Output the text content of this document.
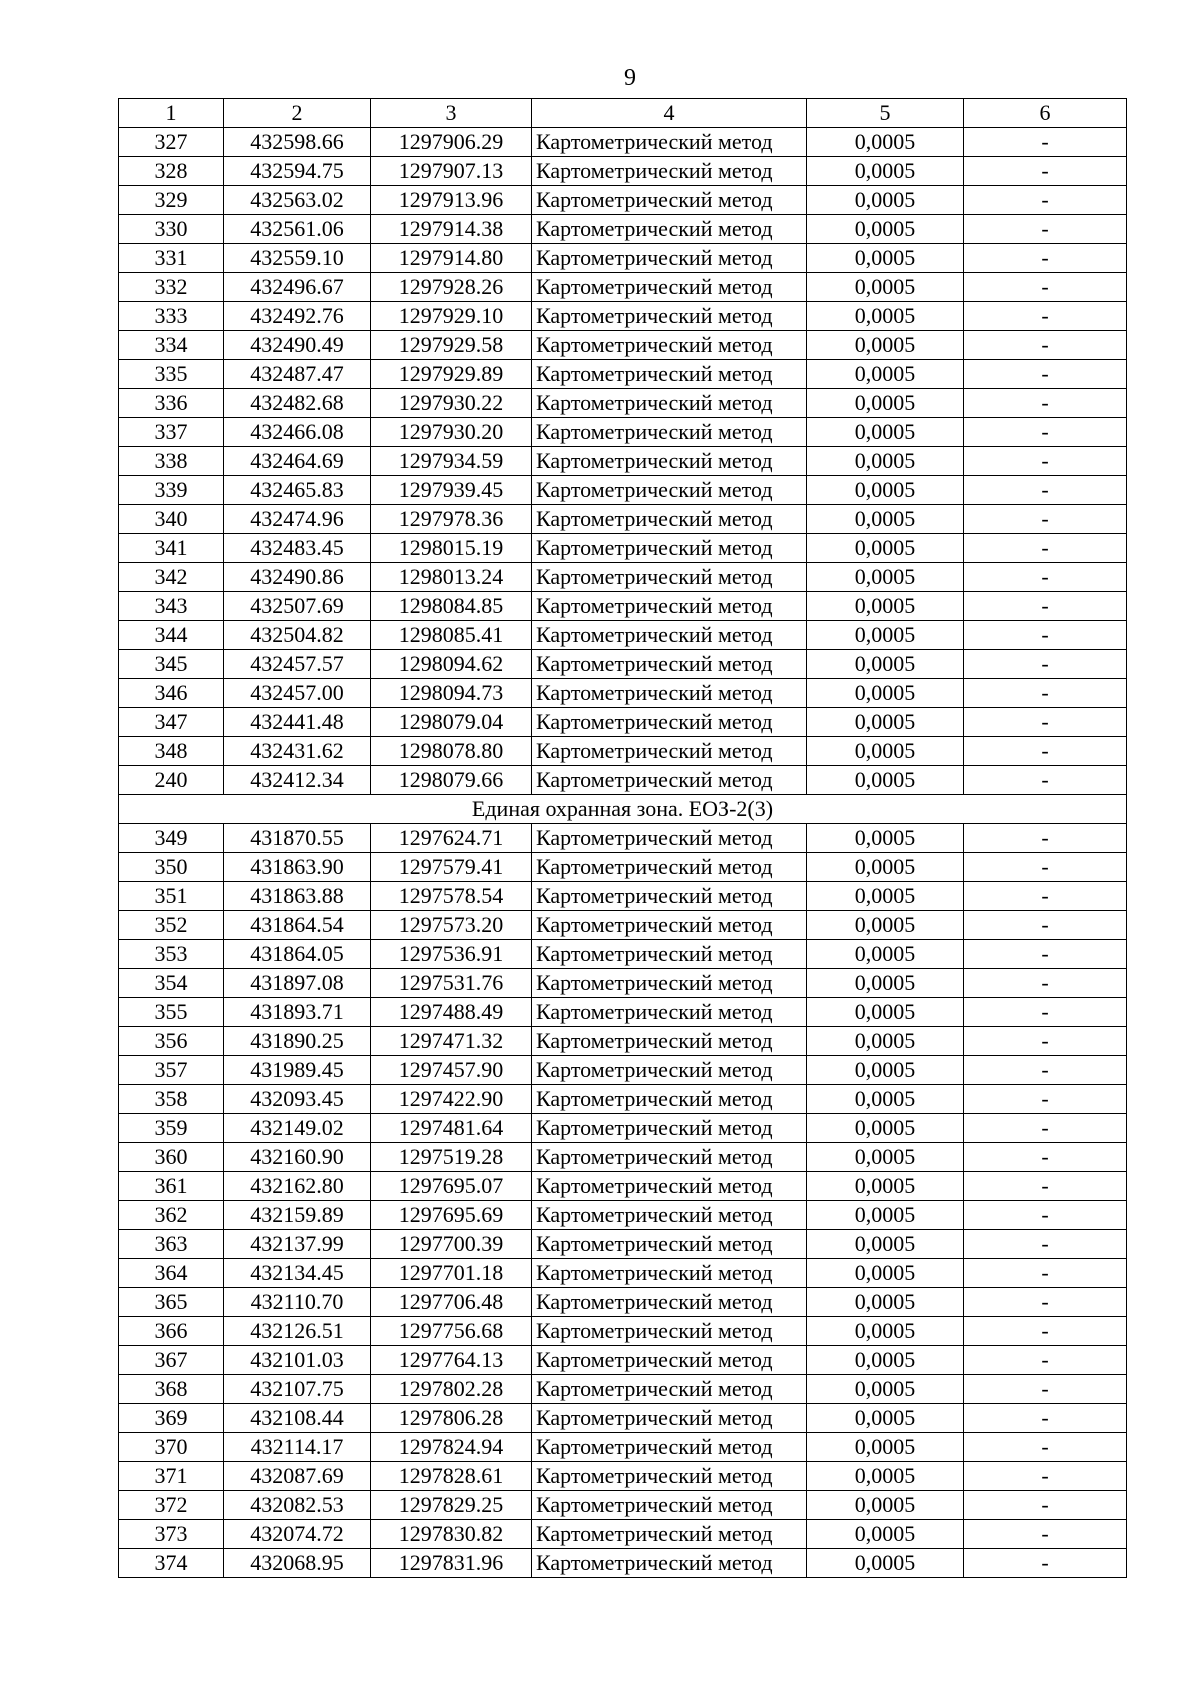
9
1	2	3	4	5	6
327	432598.66	1297906.29	Картометрический метод	0,0005	-
328	432594.75	1297907.13	Картометрический метод	0,0005	-
329	432563.02	1297913.96	Картометрический метод	0,0005	-
330	432561.06	1297914.38	Картометрический метод	0,0005	-
331	432559.10	1297914.80	Картометрический метод	0,0005	-
332	432496.67	1297928.26	Картометрический метод	0,0005	-
333	432492.76	1297929.10	Картометрический метод	0,0005	-
334	432490.49	1297929.58	Картометрический метод	0,0005	-
335	432487.47	1297929.89	Картометрический метод	0,0005	-
336	432482.68	1297930.22	Картометрический метод	0,0005	-
337	432466.08	1297930.20	Картометрический метод	0,0005	-
338	432464.69	1297934.59	Картометрический метод	0,0005	-
339	432465.83	1297939.45	Картометрический метод	0,0005	-
340	432474.96	1297978.36	Картометрический метод	0,0005	-
341	432483.45	1298015.19	Картометрический метод	0,0005	-
342	432490.86	1298013.24	Картометрический метод	0,0005	-
343	432507.69	1298084.85	Картометрический метод	0,0005	-
344	432504.82	1298085.41	Картометрический метод	0,0005	-
345	432457.57	1298094.62	Картометрический метод	0,0005	-
346	432457.00	1298094.73	Картометрический метод	0,0005	-
347	432441.48	1298079.04	Картометрический метод	0,0005	-
348	432431.62	1298078.80	Картометрический метод	0,0005	-
240	432412.34	1298079.66	Картометрический метод	0,0005	-
Единая охранная зона. ЕОЗ-2(3)					
349	431870.55	1297624.71	Картометрический метод	0,0005	-
350	431863.90	1297579.41	Картометрический метод	0,0005	-
351	431863.88	1297578.54	Картометрический метод	0,0005	-
352	431864.54	1297573.20	Картометрический метод	0,0005	-
353	431864.05	1297536.91	Картометрический метод	0,0005	-
354	431897.08	1297531.76	Картометрический метод	0,0005	-
355	431893.71	1297488.49	Картометрический метод	0,0005	-
356	431890.25	1297471.32	Картометрический метод	0,0005	-
357	431989.45	1297457.90	Картометрический метод	0,0005	-
358	432093.45	1297422.90	Картометрический метод	0,0005	-
359	432149.02	1297481.64	Картометрический метод	0,0005	-
360	432160.90	1297519.28	Картометрический метод	0,0005	-
361	432162.80	1297695.07	Картометрический метод	0,0005	-
362	432159.89	1297695.69	Картометрический метод	0,0005	-
363	432137.99	1297700.39	Картометрический метод	0,0005	-
364	432134.45	1297701.18	Картометрический метод	0,0005	-
365	432110.70	1297706.48	Картометрический метод	0,0005	-
366	432126.51	1297756.68	Картометрический метод	0,0005	-
367	432101.03	1297764.13	Картометрический метод	0,0005	-
368	432107.75	1297802.28	Картометрический метод	0,0005	-
369	432108.44	1297806.28	Картометрический метод	0,0005	-
370	432114.17	1297824.94	Картометрический метод	0,0005	-
371	432087.69	1297828.61	Картометрический метод	0,0005	-
372	432082.53	1297829.25	Картометрический метод	0,0005	-
373	432074.72	1297830.82	Картометрический метод	0,0005	-
374	432068.95	1297831.96	Картометрический метод	0,0005	-
